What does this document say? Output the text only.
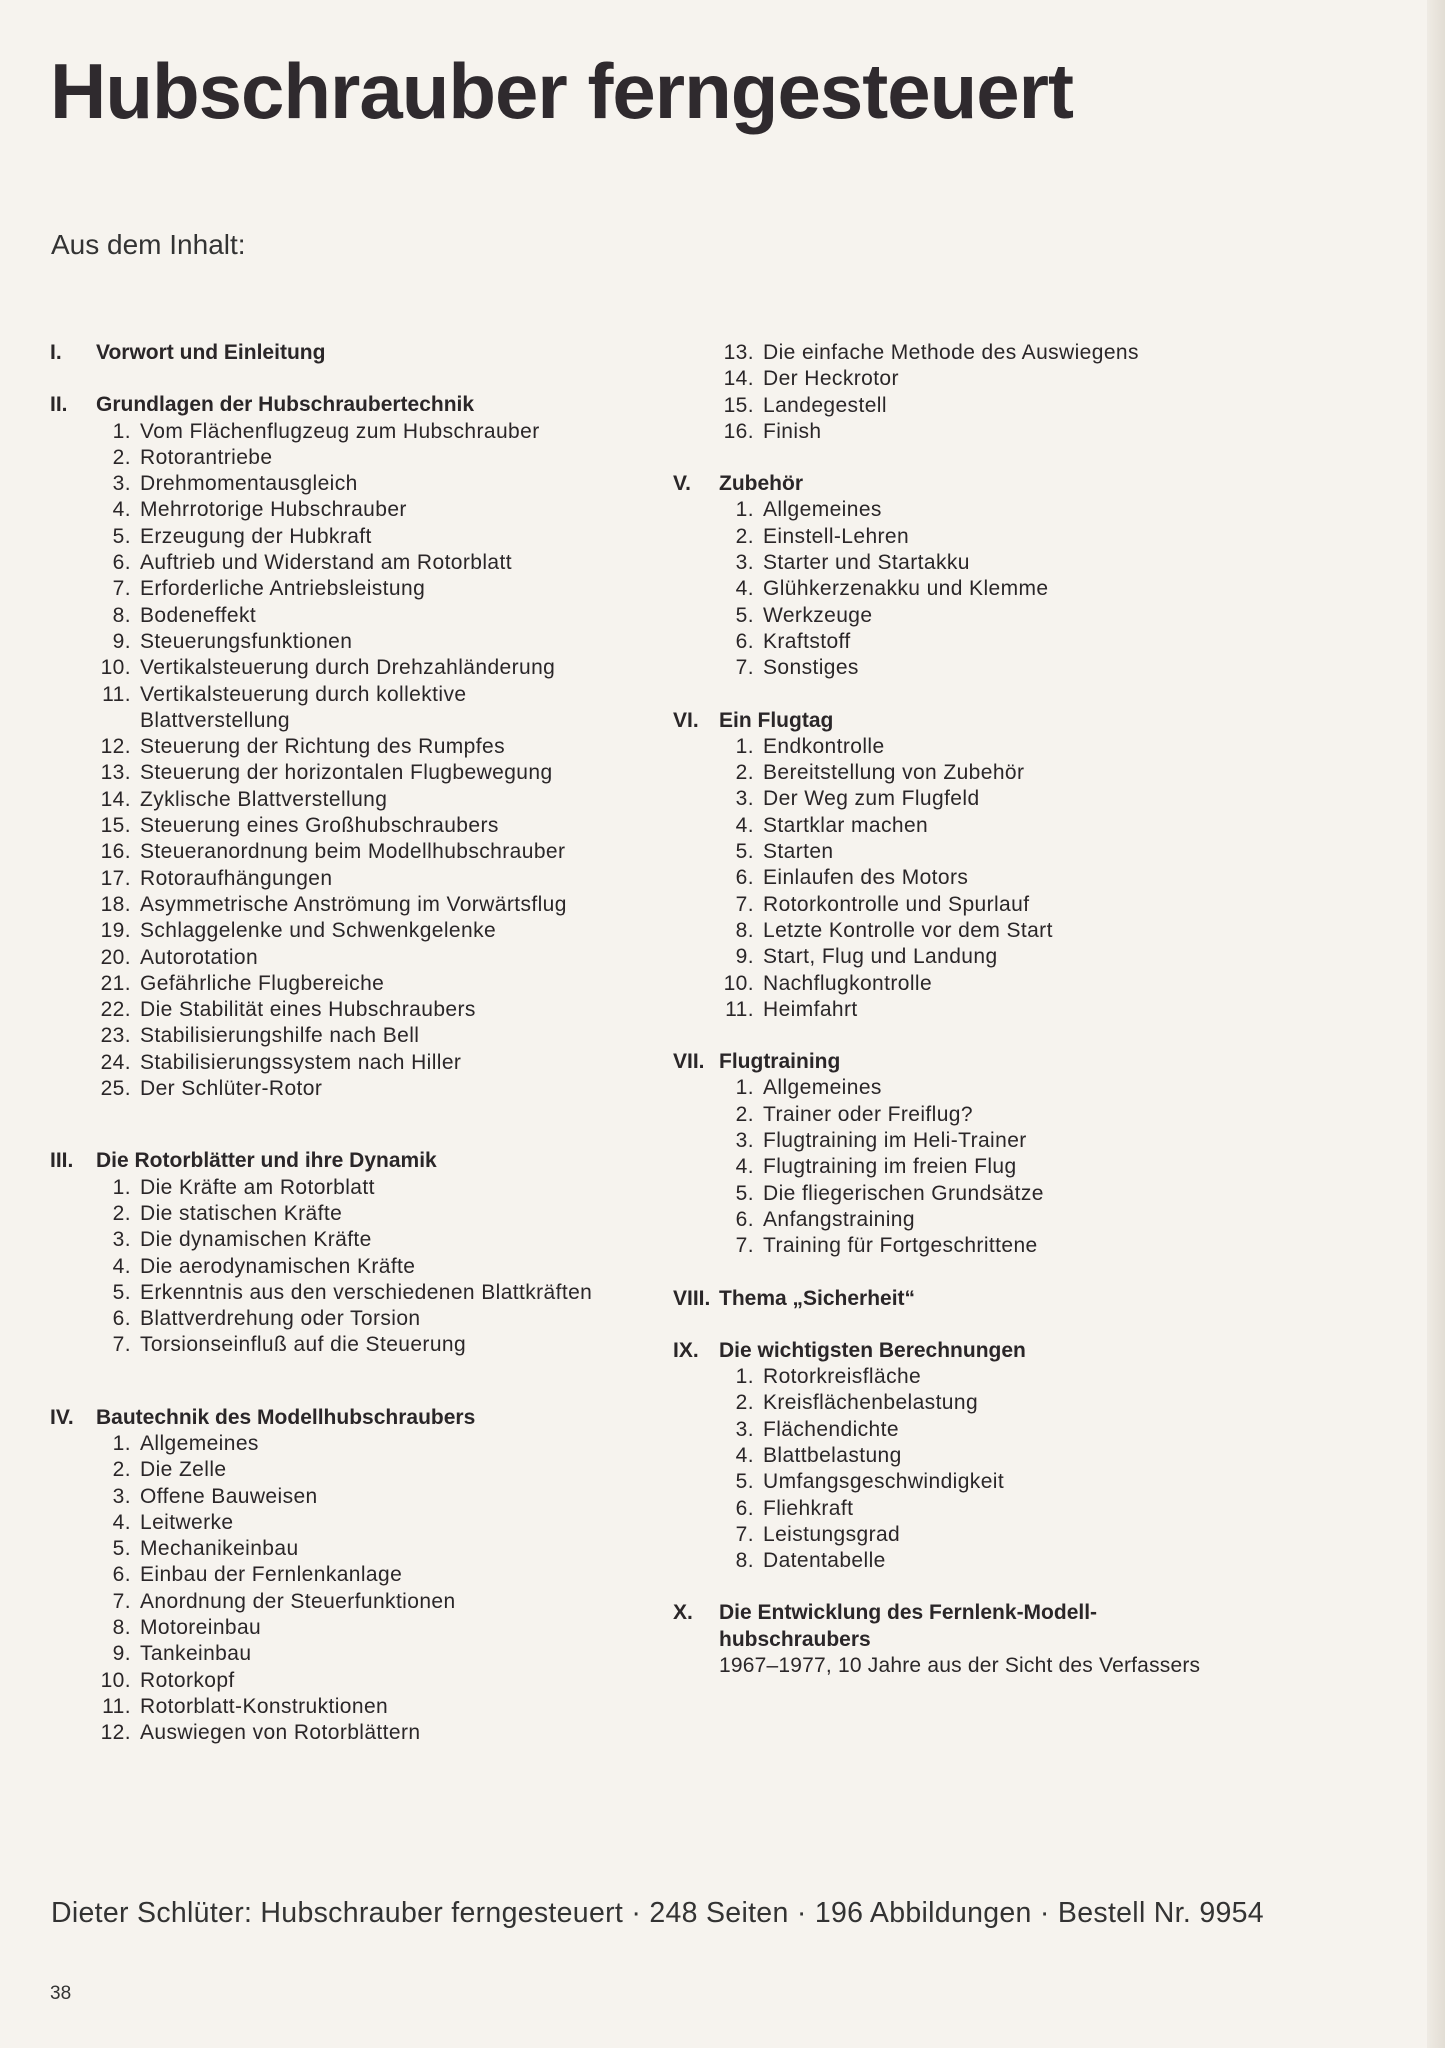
Hubschrauber ferngesteuert

Aus dem Inhalt:

I.	Vorwort und Einleitung
II.	Grundlagen der Hubschraubertechnik
1. Vom Flächenflugzeug zum Hubschrauber
2. Rotorantriebe
3. Drehmomentausgleich
4. Mehrrotorige Hubschrauber
5. Erzeugung der Hubkraft
6. Auftrieb und Widerstand am Rotorblatt
7. Erforderliche Antriebsleistung
8. Bodeneffekt
9. Steuerungsfunktionen
10. Vertikalsteuerung durch Drehzahländerung
11. Vertikalsteuerung durch kollektive
Blattverstellung
12. Steuerung der Richtung des Rumpfes
13. Steuerung der horizontalen Flugbewegung
14. Zyklische Blattverstellung
15. Steuerung eines Großhubschraubers
16. Steueranordnung beim Modellhubschrauber
17. Rotoraufhängungen
18. Asymmetrische Anströmung im Vorwärtsflug
19. Schlaggelenke und Schwenkgelenke
20. Autorotation
21. Gefährliche Flugbereiche
22. Die Stabilität eines Hubschraubers
23. Stabilisierungshilfe nach Bell
24. Stabilisierungssystem nach Hiller
25. Der Schlüter-Rotor
III.	Die Rotorblätter und ihre Dynamik
1. Die Kräfte am Rotorblatt
2. Die statischen Kräfte
3. Die dynamischen Kräfte
4. Die aerodynamischen Kräfte
5. Erkenntnis aus den verschiedenen Blattkräften
6. Blattverdrehung oder Torsion
7. Torsionseinfluß auf die Steuerung
IV.	Bautechnik des Modellhubschraubers
1. Allgemeines
2. Die Zelle
3. Offene Bauweisen
4. Leitwerke
5. Mechanikeinbau
6. Einbau der Fernlenkanlage
7. Anordnung der Steuerfunktionen
8. Motoreinbau
9. Tankeinbau
10. Rotorkopf
11. Rotorblatt-Konstruktionen
12. Auswiegen von Rotorblättern
13. Die einfache Methode des Auswiegens
14. Der Heckrotor
15. Landegestell
16. Finish
V.	Zubehör
1. Allgemeines
2. Einstell-Lehren
3. Starter und Startakku
4. Glühkerzenakku und Klemme
5. Werkzeuge
6. Kraftstoff
7. Sonstiges
VI. Ein Flugtag
1. Endkontrolle
2. Bereitstellung von Zubehör
3. Der Weg zum Flugfeld
4. Startklar machen
5. Starten
6. Einlaufen des Motors
7. Rotorkontrolle und Spurlauf
8. Letzte Kontrolle vor dem Start
9. Start, Flug und Landung
10. Nachflugkontrolle
11. Heimfahrt
VII. Flugtraining
1. Allgemeines
2. Trainer oder Freiflug?
3. Flugtraining im Heli-Trainer
4. Flugtraining im freien Flug
5. Die fliegerischen Grundsätze
6. Anfangstraining
7. Training für Fortgeschrittene
VIII. Thema „Sicherheit“
IX. Die wichtigsten Berechnungen
1. Rotorkreisfläche
2. Kreisflächenbelastung
3. Flächendichte
4. Blattbelastung
5. Umfangsgeschwindigkeit
6. Fliehkraft
7. Leistungsgrad
8. Datentabelle
X.	Die Entwicklung des Fernlenk-Modell-
hubschraubers
1967–1977, 10 Jahre aus der Sicht des Verfassers
Dieter Schlüter: Hubschrauber ferngesteuert · 248 Seiten · 196 Abbildungen · Bestell Nr. 9954
38
